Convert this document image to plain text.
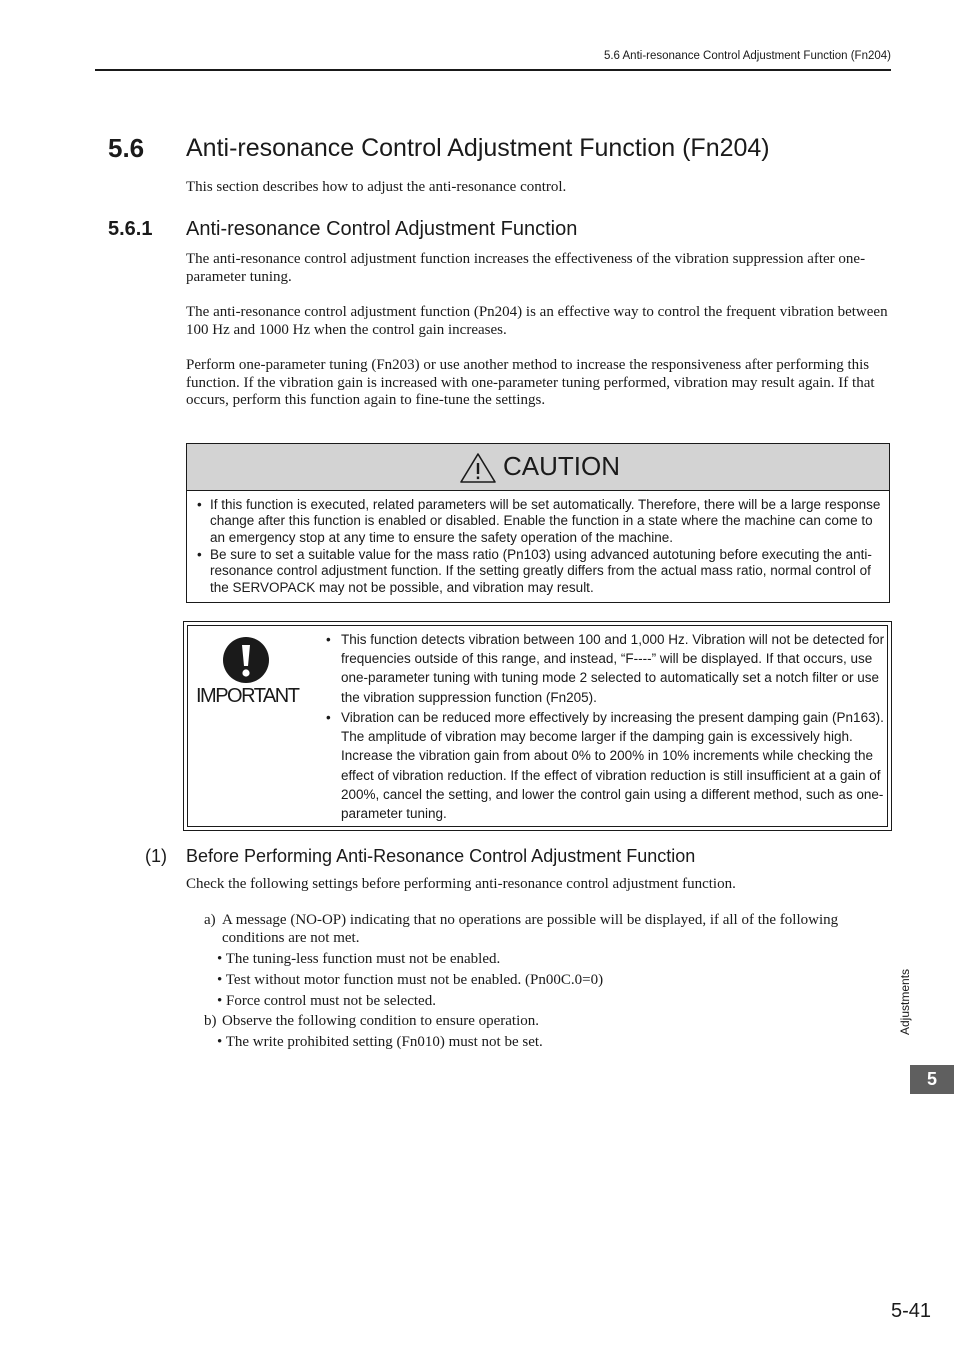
5.6 Anti-resonance Control Adjustment Function (Fn204)
5.6 Anti-resonance Control Adjustment Function (Fn204)
This section describes how to adjust the anti-resonance control.
5.6.1 Anti-resonance Control Adjustment Function
The anti-resonance control adjustment function increases the effectiveness of the vibration suppression after one-parameter tuning.
The anti-resonance control adjustment function (Pn204) is an effective way to control the frequent vibration between 100 Hz and 1000 Hz when the control gain increases.
Perform one-parameter tuning (Fn203) or use another method to increase the responsiveness after performing this function. If the vibration gain is increased with one-parameter tuning performed, vibration may result again. If that occurs, perform this function again to fine-tune the settings.
CAUTION
• If this function is executed, related parameters will be set automatically. Therefore, there will be a large response change after this function is enabled or disabled. Enable the function in a state where the machine can come to an emergency stop at any time to ensure the safety operation of the machine.
• Be sure to set a suitable value for the mass ratio (Pn103) using advanced autotuning before executing the anti-resonance control adjustment function. If the setting greatly differs from the actual mass ratio, normal control of the SERVOPACK may not be possible, and vibration may result.
IMPORTANT
• This function detects vibration between 100 and 1,000 Hz. Vibration will not be detected for frequencies outside of this range, and instead, “F----” will be displayed. If that occurs, use one-parameter tuning with tuning mode 2 selected to automatically set a notch filter or use the vibration suppression function (Fn205).
• Vibration can be reduced more effectively by increasing the present damping gain (Pn163). The amplitude of vibration may become larger if the damping gain is excessively high. Increase the vibration gain from about 0% to 200% in 10% increments while checking the effect of vibration reduction. If the effect of vibration reduction is still insufficient at a gain of 200%, cancel the setting, and lower the control gain using a different method, such as one-parameter tuning.
(1) Before Performing Anti-Resonance Control Adjustment Function
Check the following settings before performing anti-resonance control adjustment function.
a) A message (NO-OP) indicating that no operations are possible will be displayed, if all of the following conditions are not met.
• The tuning-less function must not be enabled.
• Test without motor function must not be enabled. (Pn00C.0=0)
• Force control must not be selected.
b) Observe the following condition to ensure operation.
• The write prohibited setting (Fn010) must not be set.
Adjustments
5
5-41
